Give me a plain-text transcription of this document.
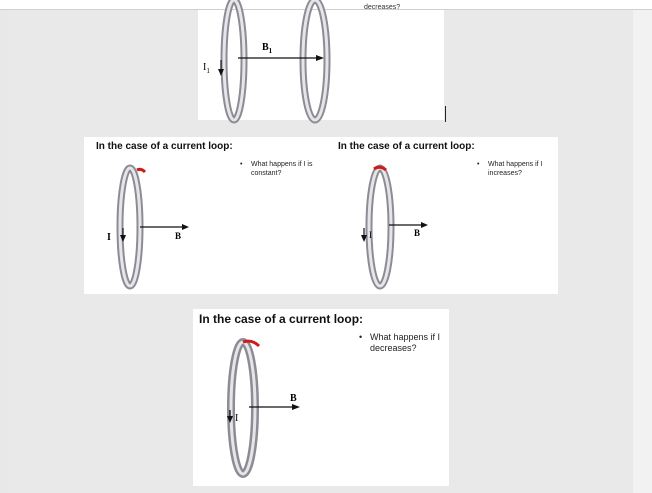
$B_1$
$I_1$
decreases?
In the case of a current loop:
I	B
• What happens if I is constant?
In the case of a current loop:
I	B
• What happens if I increases?
In the case of a current loop:
I
B
• What happens if I decreases?
